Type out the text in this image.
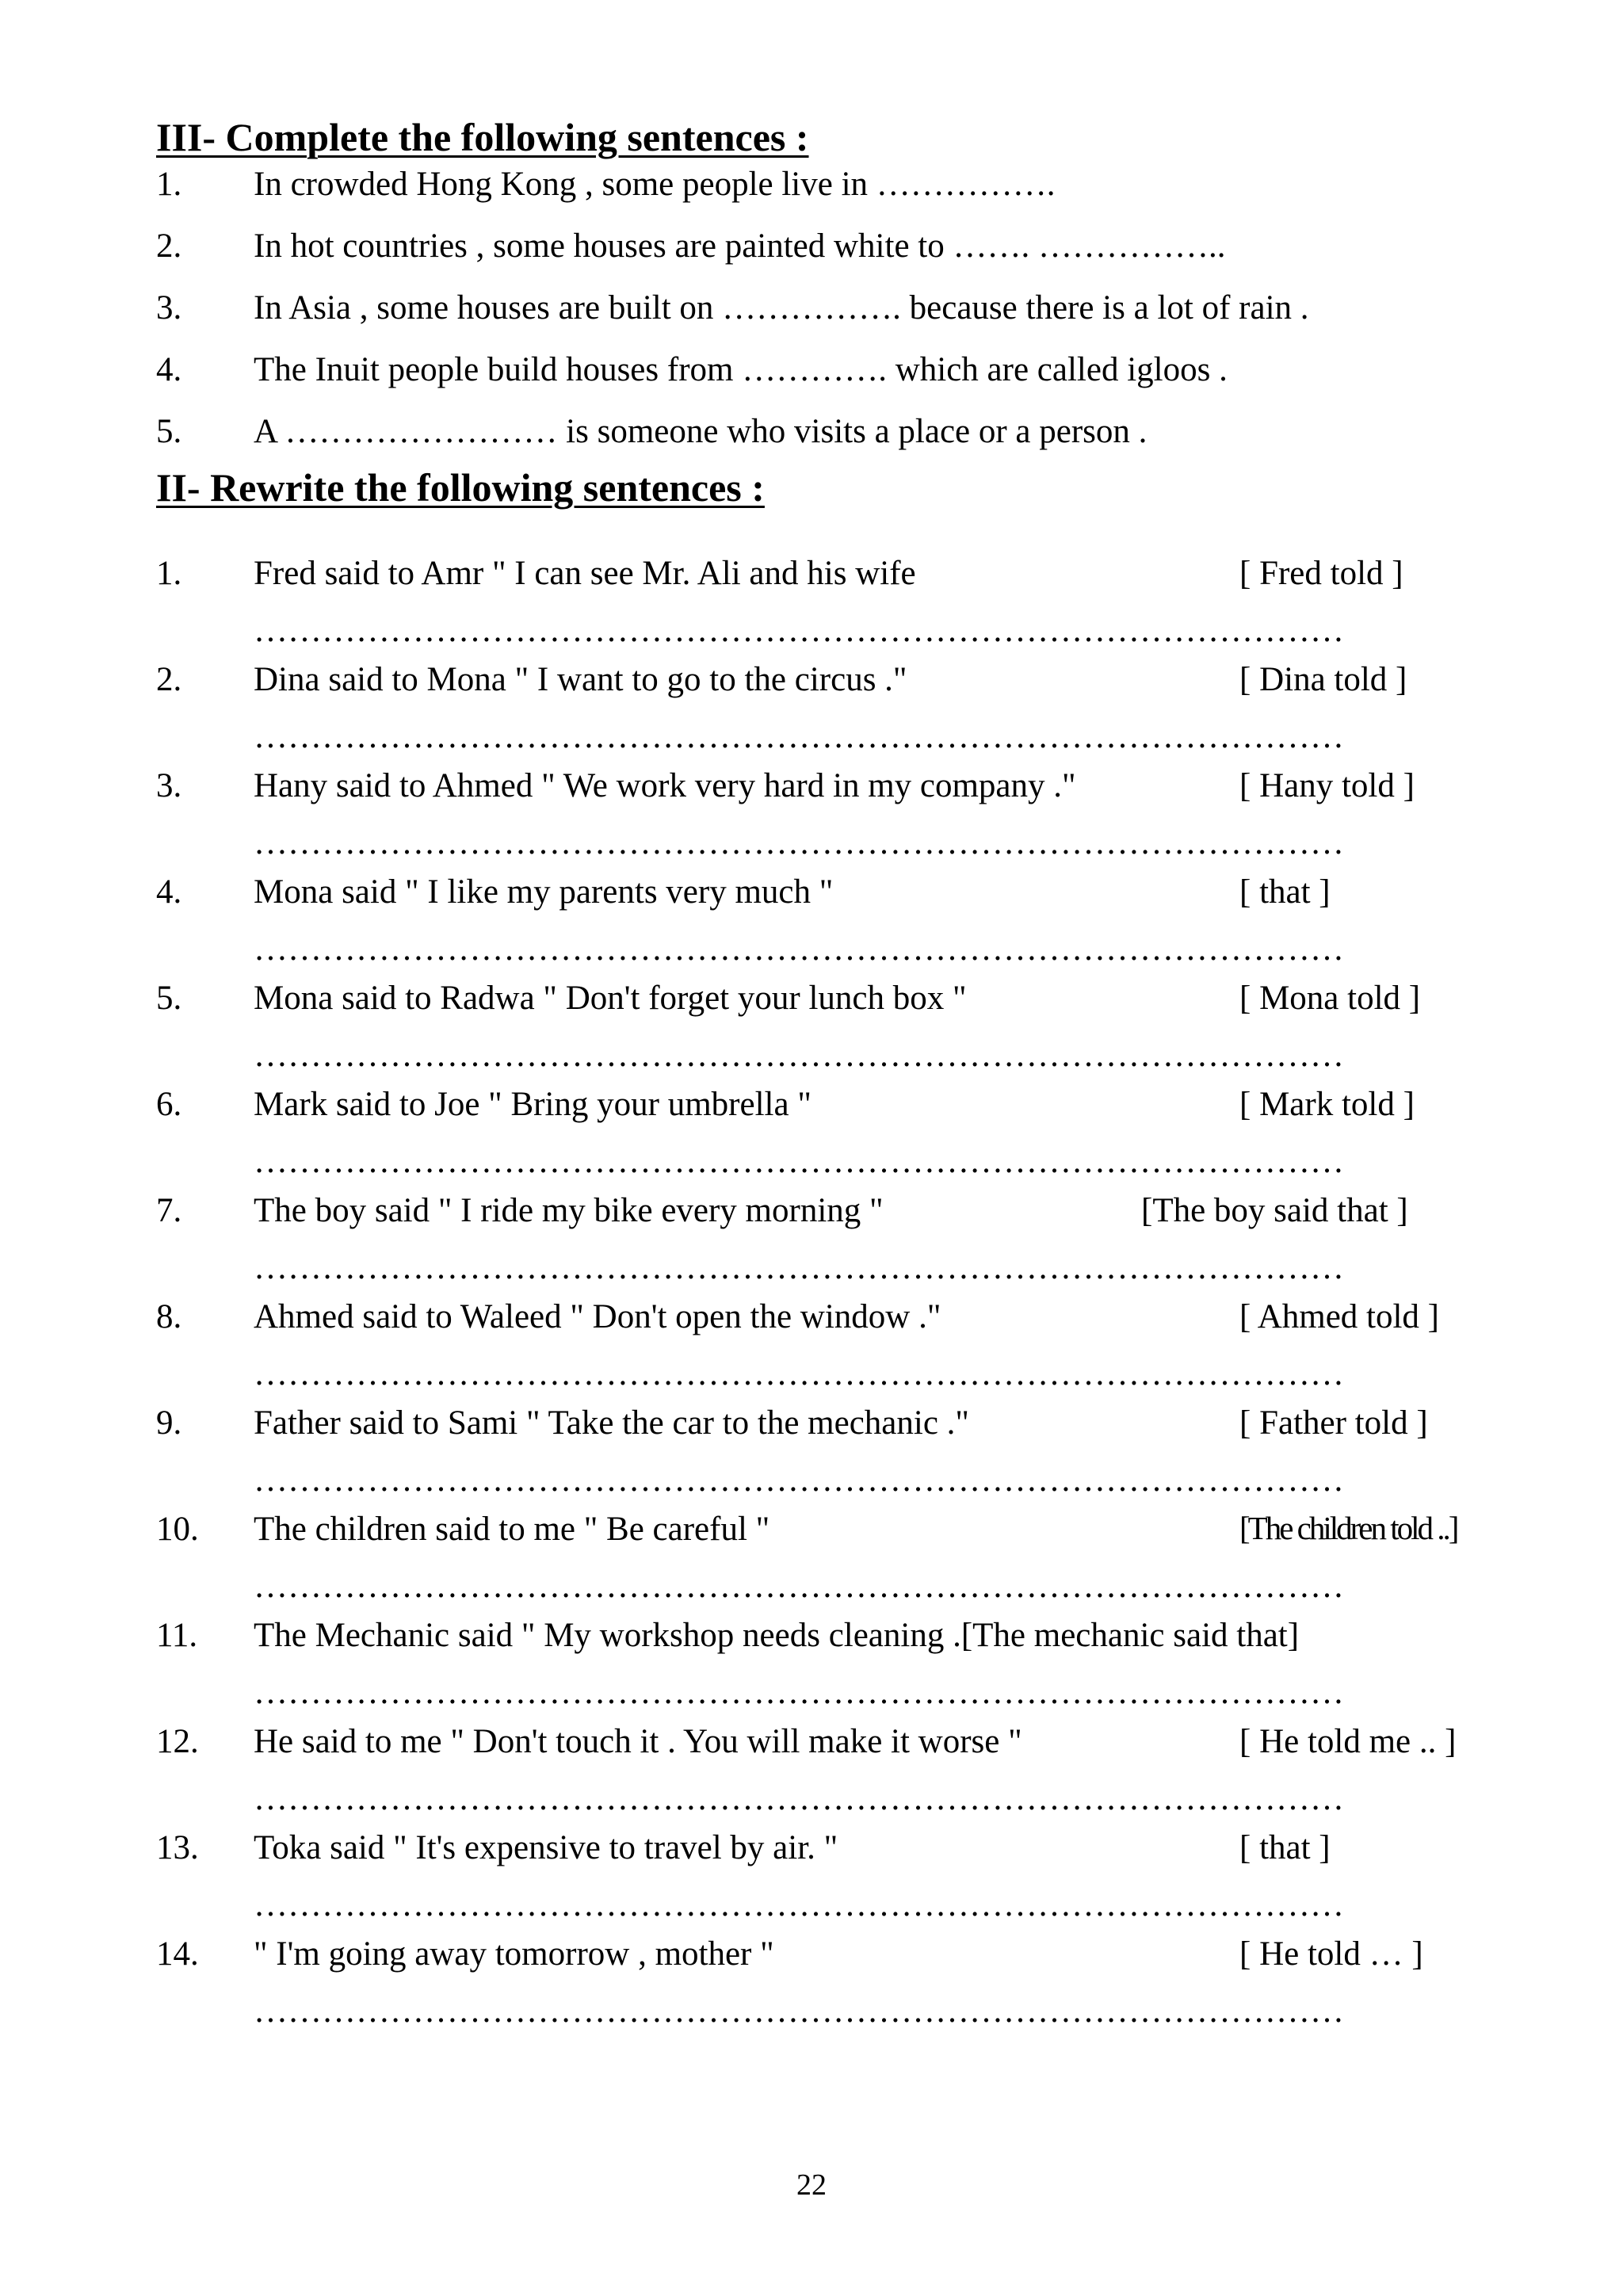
III- Complete the following sentences :
1. In crowded Hong Kong , some people live in …………….
2. In hot countries , some houses are painted white to ……. ……………..
3. In Asia , some houses are built on ……………. because there is a lot of rain .
4. The Inuit people build houses from …………. which are called igloos .
5. A …………………… is someone who visits a place or a person .
II- Rewrite the following sentences :
1. Fred said to Amr " I can see Mr. Ali and his wife	[ Fred told ]
……………………………………………………………………………………
2. Dina said to Mona " I want to go to the circus ."	[ Dina told ]
……………………………………………………………………………………
3. Hany said to Ahmed " We work very hard in my company ."	[ Hany told ]
……………………………………………………………………………………
4. Mona said " I like my parents very much "	[ that ]
……………………………………………………………………………………
5. Mona said to Radwa " Don't forget your lunch box "	[ Mona told ]
……………………………………………………………………………………
6. Mark said to Joe " Bring your umbrella "	[ Mark told ]
……………………………………………………………………………………
7. The boy said " I ride my bike every morning "	[The boy said that ]
……………………………………………………………………………………
8. Ahmed said to Waleed " Don't open the window ."	[ Ahmed told ]
……………………………………………………………………………………
9. Father said to Sami " Take the car to the mechanic ."	[ Father told ]
……………………………………………………………………………………
10. The children said to me " Be careful "	[The children told ..]
……………………………………………………………………………………
11. The Mechanic said " My workshop needs cleaning .[The mechanic said that]
……………………………………………………………………………………
12. He said to me " Don't touch it . You will make it worse "	[ He told me .. ]
……………………………………………………………………………………
13. Toka said " It's expensive to travel by air. "	[ that ]
……………………………………………………………………………………
14. " I'm going away tomorrow , mother "	[ He told … ]
……………………………………………………………………………………
22
